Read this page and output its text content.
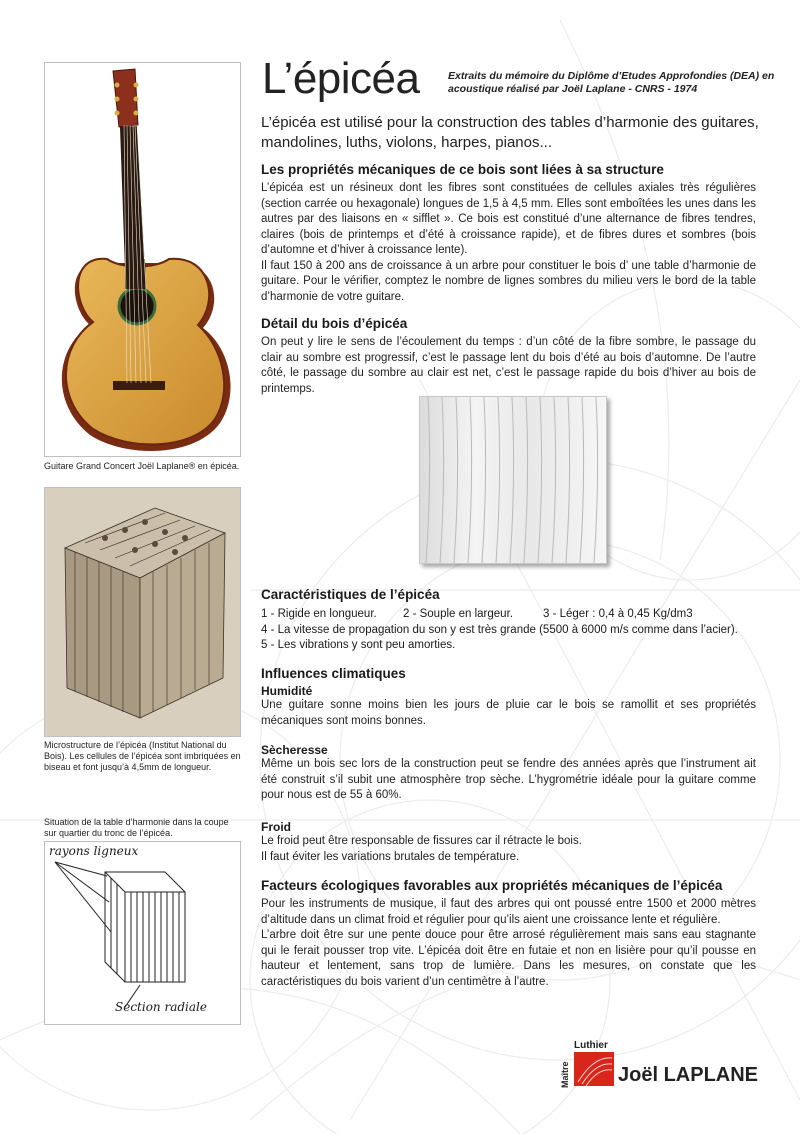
Guitare Grand Concert Joël Laplane® en épicéa.
Microstructure de l’épicéa (Institut National du Bois). Les cellules de l’épicéa sont imbriquées en biseau et font jusqu’à 4,5mm de longueur.
Situation de la table d’harmonie dans la coupe sur quartier du tronc de l’épicéa.
rayons ligneux
Section radiale
L’épicéa	Extraits du mémoire du Diplôme d’Etudes Approfondies (DEA) en acoustique réalisé par Joël Laplane - CNRS - 1974
L’épicéa est utilisé pour la construction des tables d’harmonie des guitares, mandolines, luths, violons, harpes, pianos...
Les propriétés mécaniques de ce bois sont liées à sa structure

L’épicéa est un résineux dont les fibres sont constituées de cellules axiales très régulières (section carrée ou hexagonale) longues de 1,5 à 4,5 mm. Elles sont emboîtées les unes dans les autres par des liaisons en « sifflet ». Ce bois est constitué d’une alternance de fibres tendres, claires (bois de printemps et d’été à croissance rapide), et de fibres dures et sombres (bois d’automne et d’hiver à croissance lente).

Il faut 150 à 200 ans de croissance à un arbre pour constituer le bois d’ une table d’harmonie de guitare. Pour le vérifier, comptez le nombre de lignes sombres du milieu vers le bord de la table d’harmonie de votre guitare.

Détail du bois d’épicéa

On peut y lire le sens de l’écoulement du temps : d’un côté de la fibre sombre, le passage du clair au sombre est progressif, c’est le passage lent du bois d’été au bois d’automne. De l’autre côté, le passage du sombre au clair est net, c’est le passage rapide du bois d’hiver au bois de printemps.

Caractéristiques de l’épicéa
1 - Rigide en longueur.	2 - Souple en largeur.	3 - Léger : 0,4 à 0,45 Kg/dm3
4 - La vitesse de propagation du son y est très grande (5500 à 6000 m/s comme dans l’acier).
5 - Les vibrations y sont peu amorties.
Influences climatiques
Humidité

Une guitare sonne moins bien les jours de pluie car le bois se ramollit et ses propriétés mécaniques sont moins bonnes.

Sècheresse

Même un bois sec lors de la construction peut se fendre des années après que l’instrument ait été construit s’il subit une atmosphère trop sèche. L’hygrométrie idéale pour la guitare comme pour nous est de 55 à 60%.

Froid

Le froid peut être responsable de fissures car il rétracte le bois.

Il faut éviter les variations brutales de température.

Facteurs écologiques favorables aux propriétés mécaniques de l’épicéa

Pour les instruments de musique, il faut des arbres qui ont poussé entre 1500 et 2000 mètres d’altitude dans un climat froid et régulier pour qu’ils aient une croissance lente et régulière.

L’arbre doit être sur une pente douce pour être arrosé régulièrement mais sans eau stagnante qui le ferait pousser trop vite. L’épicéa doit être en futaie et non en lisière pour qu’il pousse en hauteur et lentement, sans trop de lumière. Dans les mesures, on constate que les caractéristiques du bois varient d’un centimètre à l’autre.

Luthier
Maître Joël LAPLANE
